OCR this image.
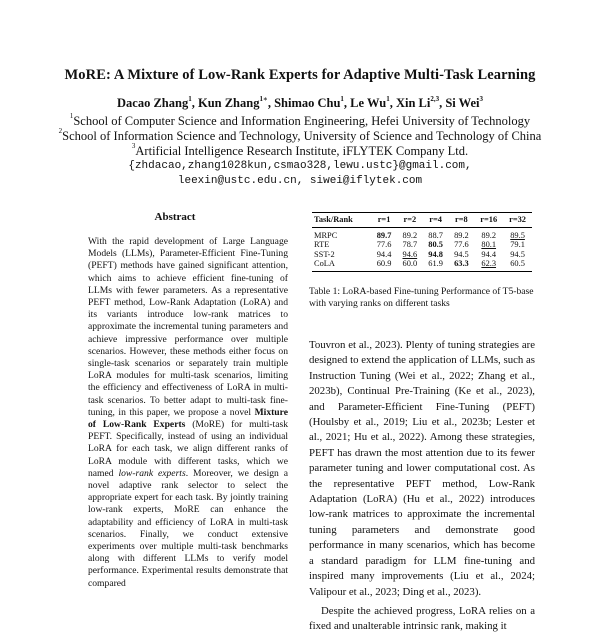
MoRE: A Mixture of Low-Rank Experts for Adaptive Multi-Task Learning
Dacao Zhang$^1$, Kun Zhang$^{1∗}$, Shimao Chu$^1$, Le Wu$^1$, Xin Li$^{2,3}$, Si Wei$^3$
$^1$School of Computer Science and Information Engineering, Hefei University of Technology
$^2$School of Information Science and Technology, University of Science and Technology of China
$^3$Artificial Intelligence Research Institute, iFLYTEK Company Ltd.
{zhdacao,zhang1028kun,csmao328,lewu.ustc}@gmail.com,
leexin@ustc.edu.cn, siwei@iflytek.com
Abstract

With the rapid development of Large Language Models (LLMs), Parameter-Efficient Fine-Tuning (PEFT) methods have gained significant attention, which aims to achieve efficient fine-tuning of LLMs with fewer parameters. As a representative PEFT method, Low-Rank Adaptation (LoRA) and its variants introduce low-rank matrices to approximate the incremental tuning parameters and achieve impressive performance over multiple scenarios. However, these methods either focus on single-task scenarios or separately train multiple LoRA modules for multi-task scenarios, limiting the efficiency and effectiveness of LoRA in multi-task scenarios. To better adapt to multi-task fine-tuning, in this paper, we propose a novel Mixture of Low-Rank Experts (MoRE) for multi-task PEFT. Specifically, instead of using an individual LoRA for each task, we align different ranks of LoRA module with different tasks, which we named low-rank experts. Moreover, we design a novel adaptive rank selector to select the appropriate expert for each task. By jointly training low-rank experts, MoRE can enhance the adaptability and efficiency of LoRA in multi-task scenarios. Finally, we conduct extensive experiments over multiple multi-task benchmarks along with different LLMs to verify model performance. Experimental results demonstrate that compared

Task/Rank	r=1	r=2	r=4	r=8	r=16	r=32
MRPC	89.7	89.2	88.7	89.2	89.2	89.5
RTE	77.6	78.7	80.5	77.6	80.1	79.1
SST-2	94.4	94.6	94.8	94.5	94.4	94.5
CoLA	60.9	60.0	61.9	63.3	62.3	60.5
Table 1: LoRA-based Fine-tuning Performance of T5-base with varying ranks on different tasks

Touvron et al., 2023). Plenty of tuning strategies are designed to extend the application of LLMs, such as Instruction Tuning (Wei et al., 2022; Zhang et al., 2023b), Continual Pre-Training (Ke et al., 2023), and Parameter-Efficient Fine-Tuning (PEFT) (Houlsby et al., 2019; Liu et al., 2023b; Lester et al., 2021; Hu et al., 2022). Among these strategies, PEFT has drawn the most attention due to its fewer parameter tuning and lower computational cost. As the representative PEFT method, Low-Rank Adaptation (LoRA) (Hu et al., 2022) introduces low-rank matrices to approximate the incremental tuning parameters and demonstrate good performance in many scenarios, which has become a standard paradigm for LLM fine-tuning and inspired many improvements (Liu et al., 2024; Valipour et al., 2023; Ding et al., 2023).

Despite the achieved progress, LoRA relies on a fixed and unalterable intrinsic rank, making it
